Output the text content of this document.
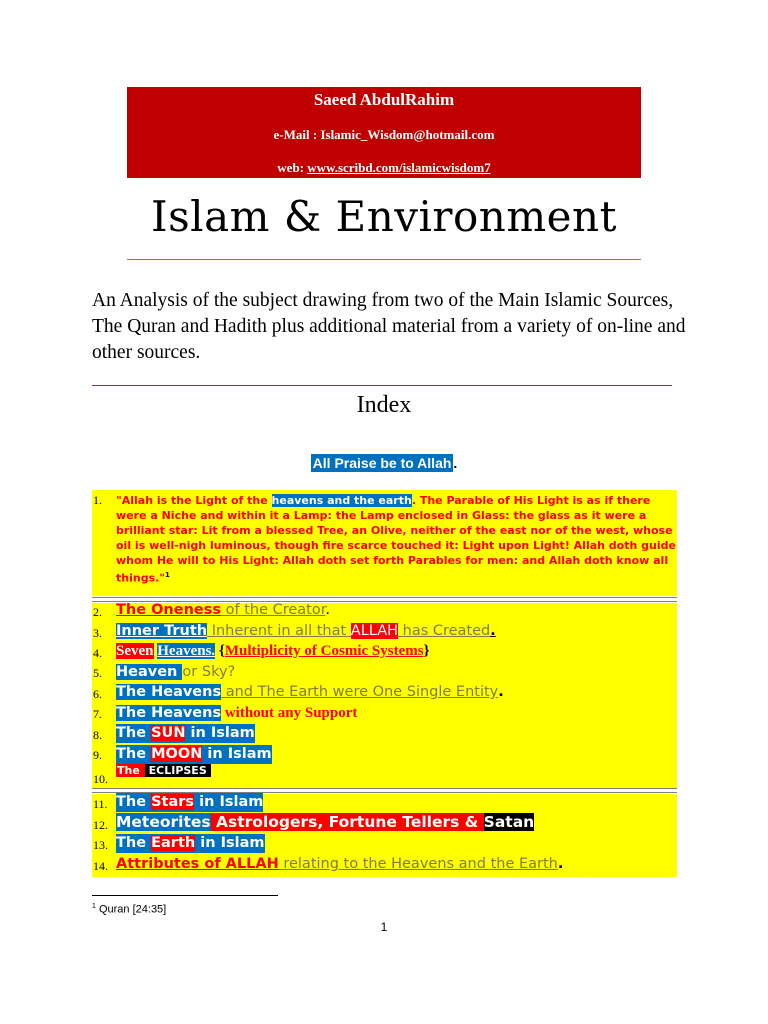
Saeed AbdulRahim
e-Mail : Islamic_Wisdom@hotmail.com
web: www.scribd.com/islamicwisdom7
Islam & Environment
An Analysis of the subject drawing from two of the Main Islamic Sources, The Quran and Hadith plus additional material from a variety of on-line and other sources.
Index
All Praise be to Allah .
1. "Allah is the Light of the heavens and the earth. The Parable of His Light is as if there were a Niche and within it a Lamp: the Lamp enclosed in Glass: the glass as it were a brilliant star: Lit from a blessed Tree, an Olive, neither of the east nor of the west, whose oil is well-nigh luminous, though fire scarce touched it: Light upon Light! Allah doth guide whom He will to His Light: Allah doth set forth Parables for men: and Allah doth know all things."$^1$
2. The Oneness of the Creator.
3. Inner Truth Inherent in all that ALLAH has Created.
4. Seven Heavens. {Multiplicity of Cosmic Systems}
5. Heaven or Sky?
6. The Heavens and The Earth were One Single Entity.
7. The Heavens without any Support
8. The SUN in Islam
9. The MOON in Islam
10.
The ECLIPSES
11. The Stars in Islam
12. Meteorites Astrologers, Fortune Tellers & Satan
13. The Earth in Islam
14. Attributes of ALLAH relating to the Heavens and the Earth.
$^1$ Quran [24:35]
1
